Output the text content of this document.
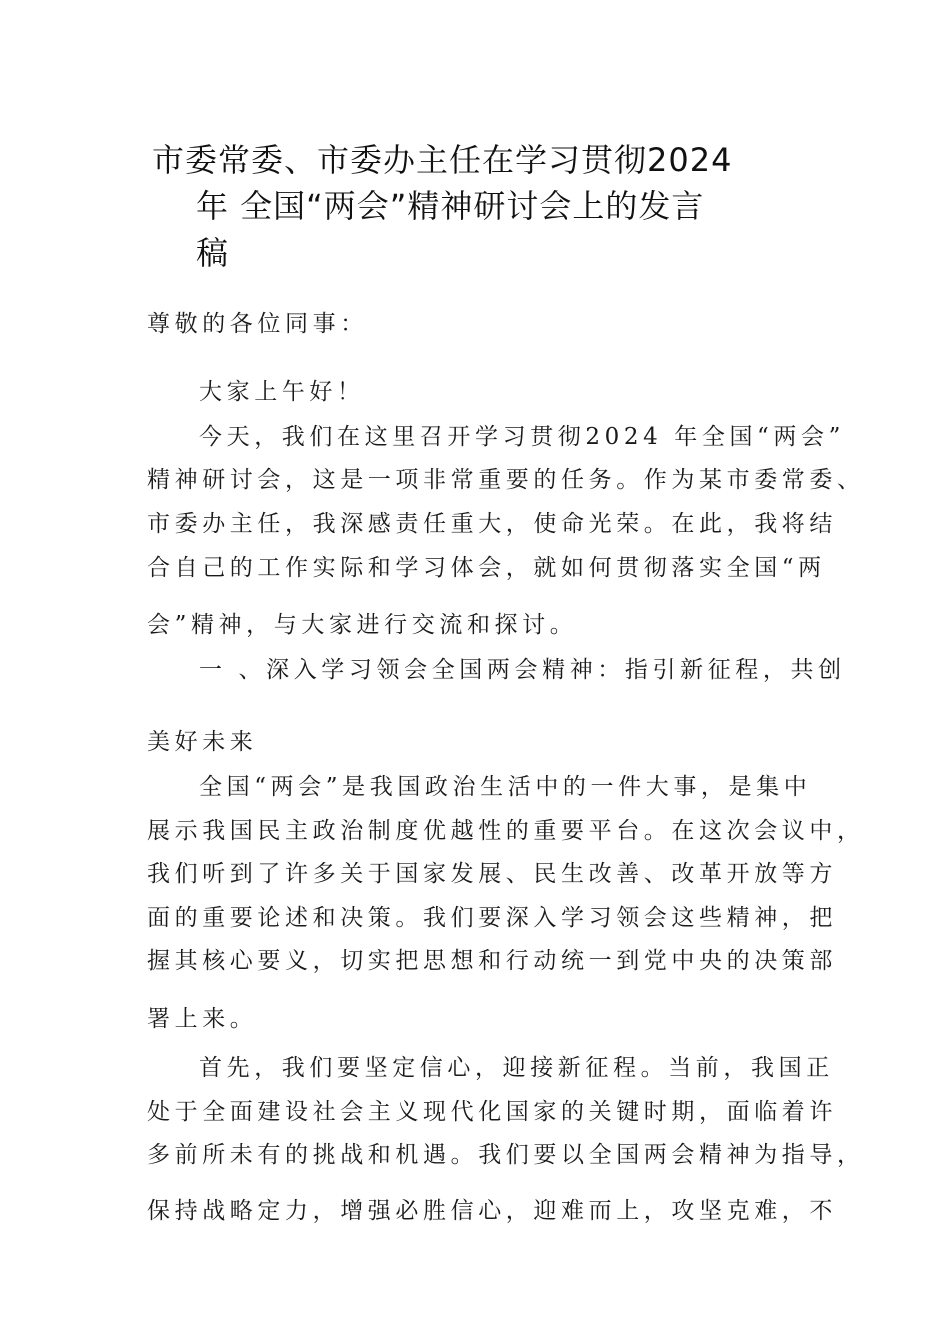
市委常委、市委办主任在学习贯彻2024
年 全国“两会”精神研讨会上的发言
稿
尊敬的各位同事：
大家上午好！
今天，我们在这里召开学习贯彻2024 年全国“两会”
精神研讨会，这是一项非常重要的任务。作为某市委常委、
市委办主任，我深感责任重大，使命光荣。在此，我将结
合自己的工作实际和学习体会，就如何贯彻落实全国“两
会”精神，与大家进行交流和探讨。
一 、深入学习领会全国两会精神：指引新征程，共创
美好未来
全国“两会”是我国政治生活中的一件大事，是集中
展示我国民主政治制度优越性的重要平台。在这次会议中，
我们听到了许多关于国家发展、民生改善、改革开放等方
面的重要论述和决策。我们要深入学习领会这些精神，把
握其核心要义，切实把思想和行动统一到党中央的决策部
署上来。
首先，我们要坚定信心，迎接新征程。当前，我国正
处于全面建设社会主义现代化国家的关键时期，面临着许
多前所未有的挑战和机遇。我们要以全国两会精神为指导，
保持战略定力，增强必胜信心，迎难而上，攻坚克难，不
